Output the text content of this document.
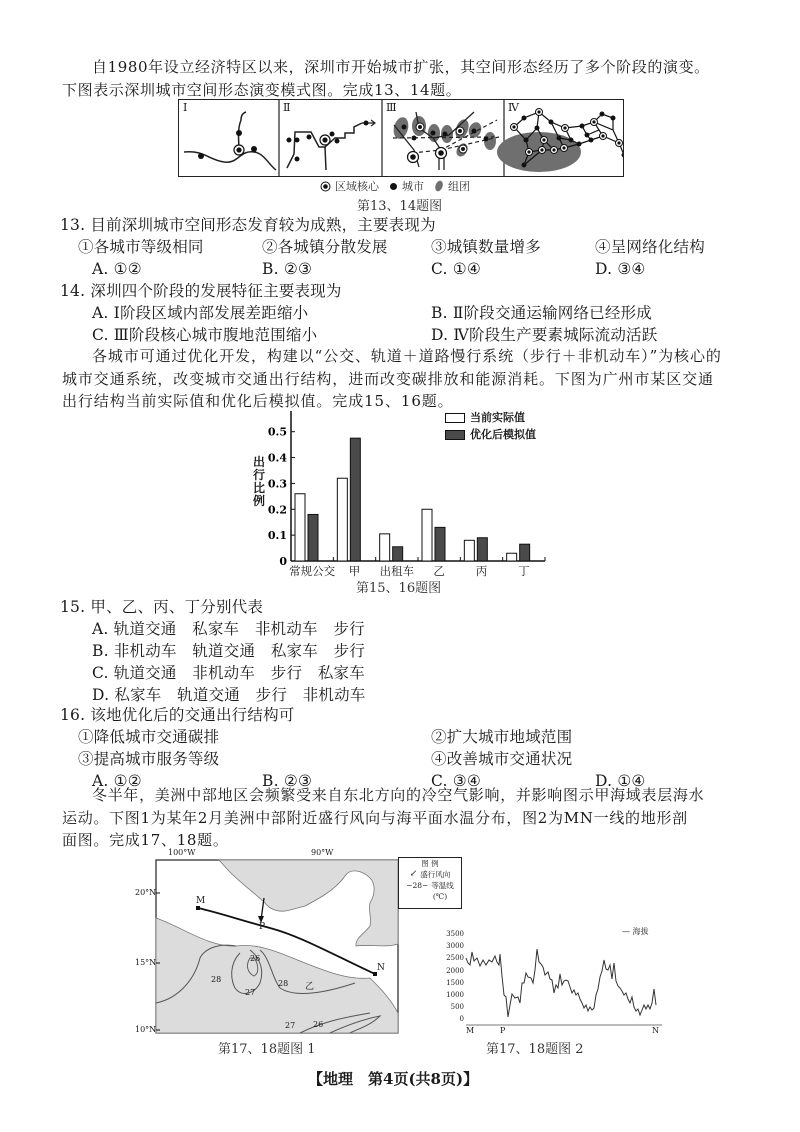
自1980年设立经济特区以来，深圳市开始城市扩张，其空间形态经历了多个阶段的演变。
下图表示深圳城市空间形态演变模式图。完成13、14题。
Ⅰ	Ⅱ	Ⅲ	Ⅳ
区域核心 城市 组团
第13、14题图
13. 目前深圳城市空间形态发育较为成熟，主要表现为
①各城市等级相同	②各城镇分散发展	③城镇数量增多	④呈网络化结构
A. ①②	B. ②③	C. ①④	D. ③④
14. 深圳四个阶段的发展特征主要表现为
A. Ⅰ阶段区域内部发展差距缩小	B. Ⅱ阶段交通运输网络已经形成
C. Ⅲ阶段核心城市腹地范围缩小	D. Ⅳ阶段生产要素城际流动活跃
各城市可通过优化开发，构建以“公交、轨道＋道路慢行系统（步行＋非机动车）”为核心的
城市交通系统，改变城市交通出行结构，进而改变碳排放和能源消耗。下图为广州市某区交通
出行结构当前实际值和优化后模拟值。完成15、16题。
0
0.1
0.2
0.3
0.4
0.5
出
行
比
例
当前实际值
优化后模拟值
常规公交	甲	出租车	乙	丙	丁
第15、16题图
15. 甲、乙、丙、丁分别代表
A. 轨道交通　私家车　非机动车　步行
B. 非机动车　轨道交通　私家车　步行
C. 轨道交通　非机动车　步行　私家车
D. 私家车　轨道交通　步行　非机动车
16. 该地优化后的交通出行结构可
①降低城市交通碳排	②扩大城市地域范围
③提高城市服务等级	④改善城市交通状况
A. ①②	B. ②③	C. ③④	D. ①④
冬半年，美洲中部地区会频繁受来自东北方向的冷空气影响，并影响图示甲海域表层海水
运动。下图1为某年2月美洲中部附近盛行风向与海平面水温分布，图2为MN一线的地形剖
面图。完成17、18题。
100°W	90°W
20°N
15°N
10°N
M
P
N
乙
28
26
27
28
27 26
图 例
↙ 盛行风向
−28− 等温线
(℃)
3500
3000
2500
2000
1500
1000
500
0
— 海拔
M	P	N
第17、18题图 1	第17、18题图 2
【地理　第4页(共8页)】
